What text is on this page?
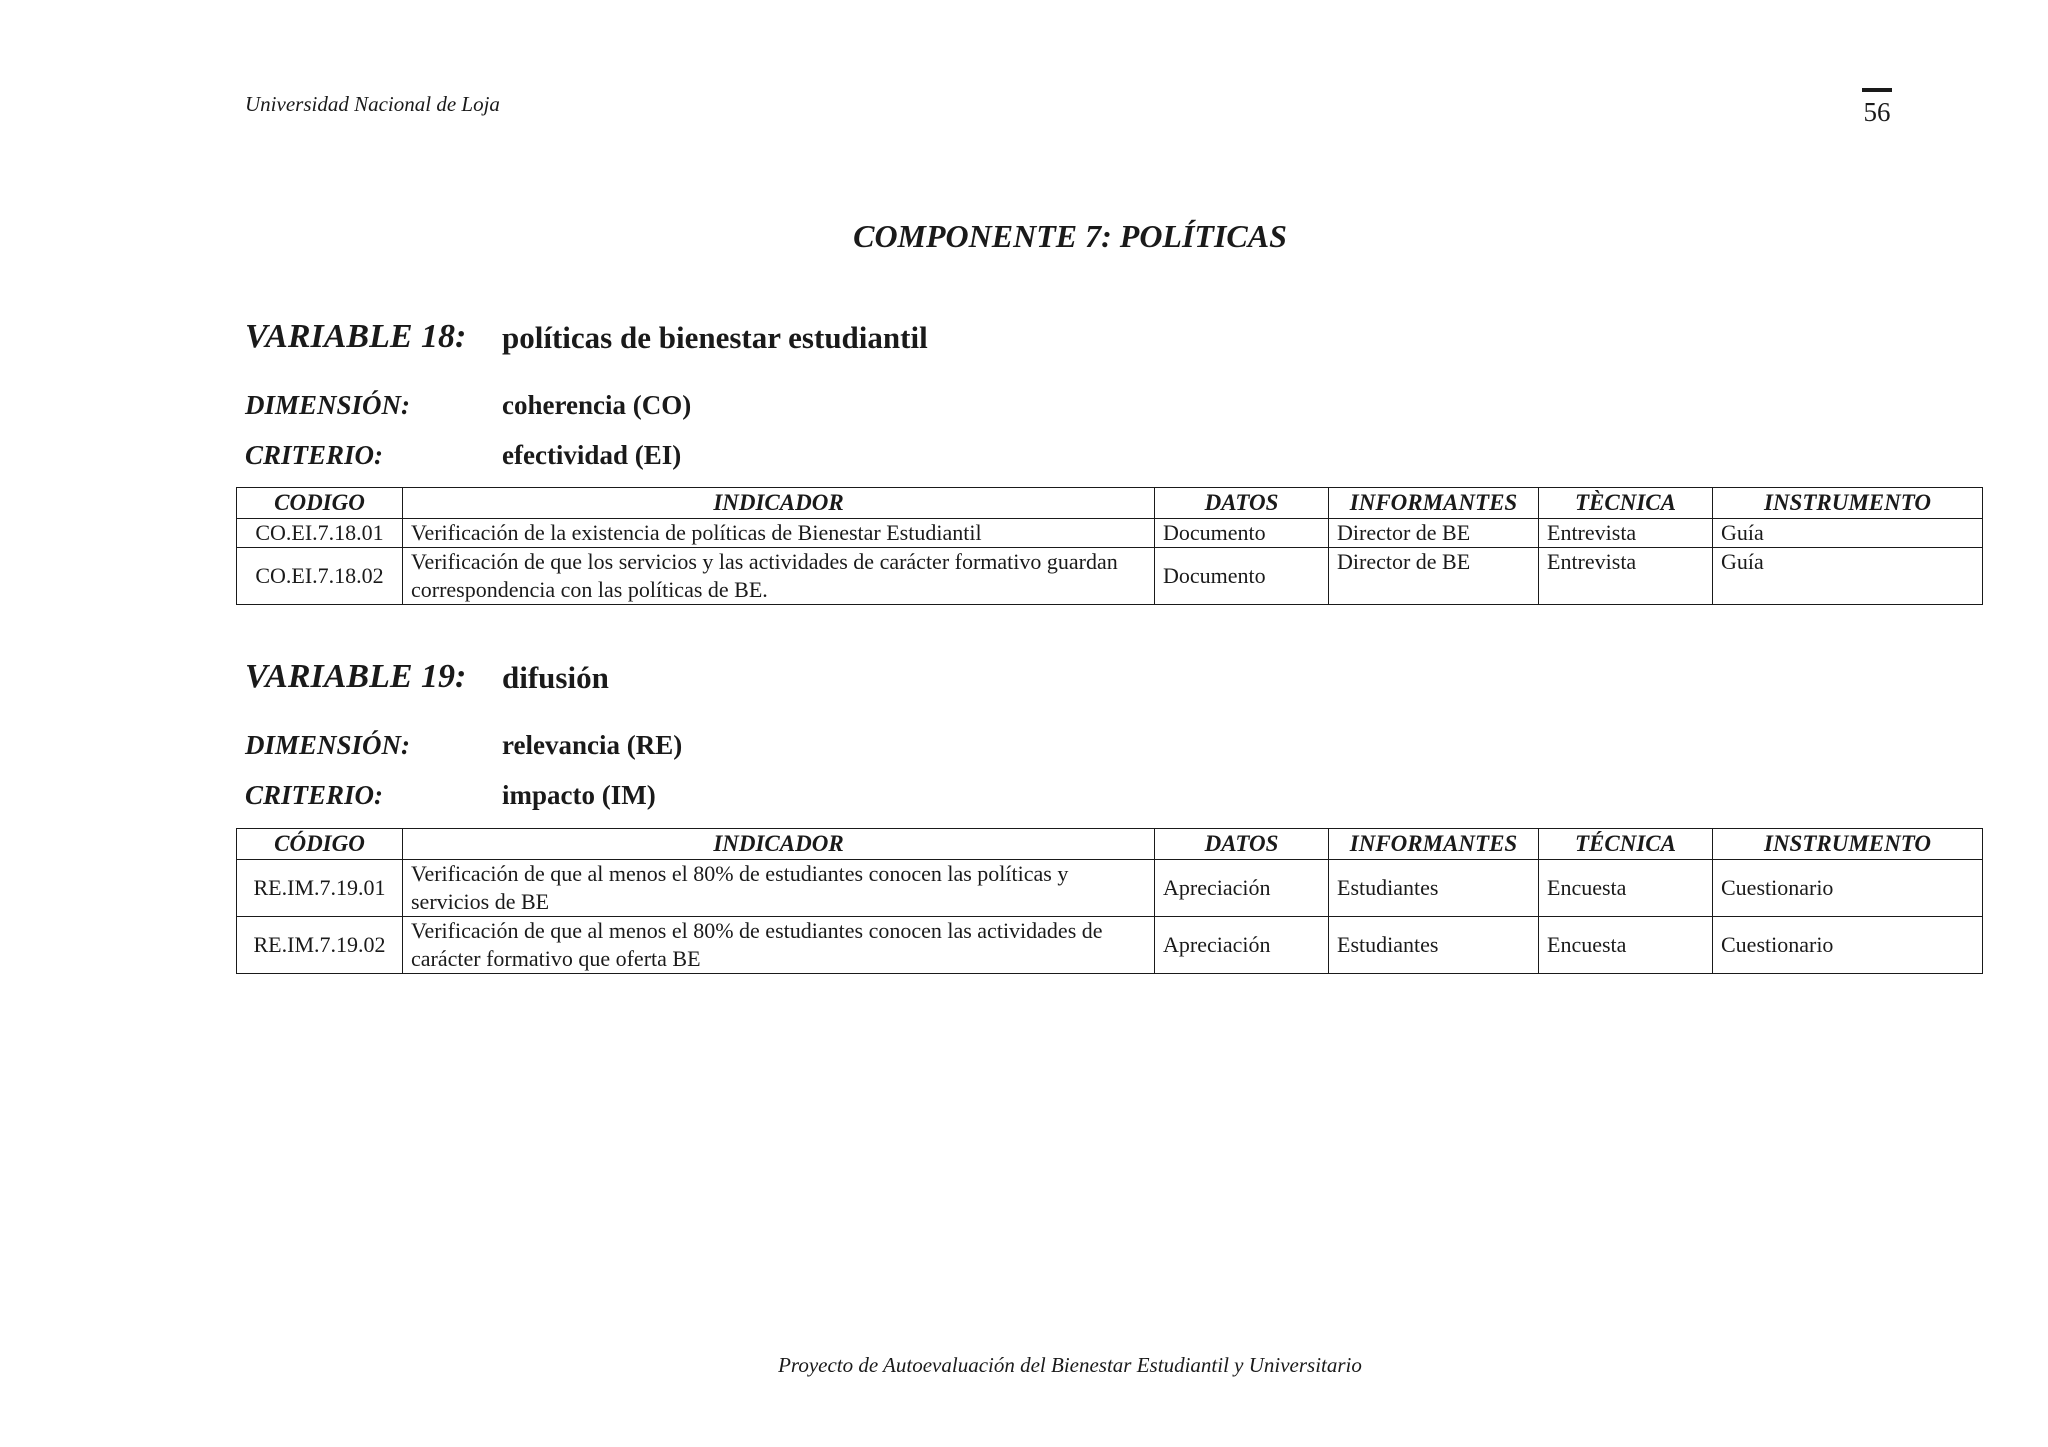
Universidad Nacional de Loja	56
COMPONENTE 7: POLÍTICAS
VARIABLE 18: políticas de bienestar estudiantil
DIMENSIÓN:	coherencia (CO)
CRITERIO:	efectividad (EI)
CODIGO	INDICADOR	DATOS	INFORMANTES	TÈCNICA	INSTRUMENTO
CO.EI.7.18.01	Verificación de la existencia de políticas de Bienestar Estudiantil	Documento	Director de BE	Entrevista	Guía
CO.EI.7.18.02	Verificación de que los servicios y las actividades de carácter formativo guardan correspondencia con las políticas de BE.	Documento	Director de BE	Entrevista	Guía
VARIABLE 19: difusión
DIMENSIÓN:	relevancia (RE)
CRITERIO:	impacto (IM)
CÓDIGO	INDICADOR	DATOS	INFORMANTES	TÉCNICA	INSTRUMENTO
RE.IM.7.19.01	Verificación de que al menos el 80% de estudiantes conocen las políticas y servicios de BE	Apreciación	Estudiantes	Encuesta	Cuestionario
RE.IM.7.19.02	Verificación de que al menos el 80% de estudiantes conocen las actividades de carácter formativo que oferta BE	Apreciación	Estudiantes	Encuesta	Cuestionario
Proyecto de Autoevaluación del Bienestar Estudiantil y Universitario
